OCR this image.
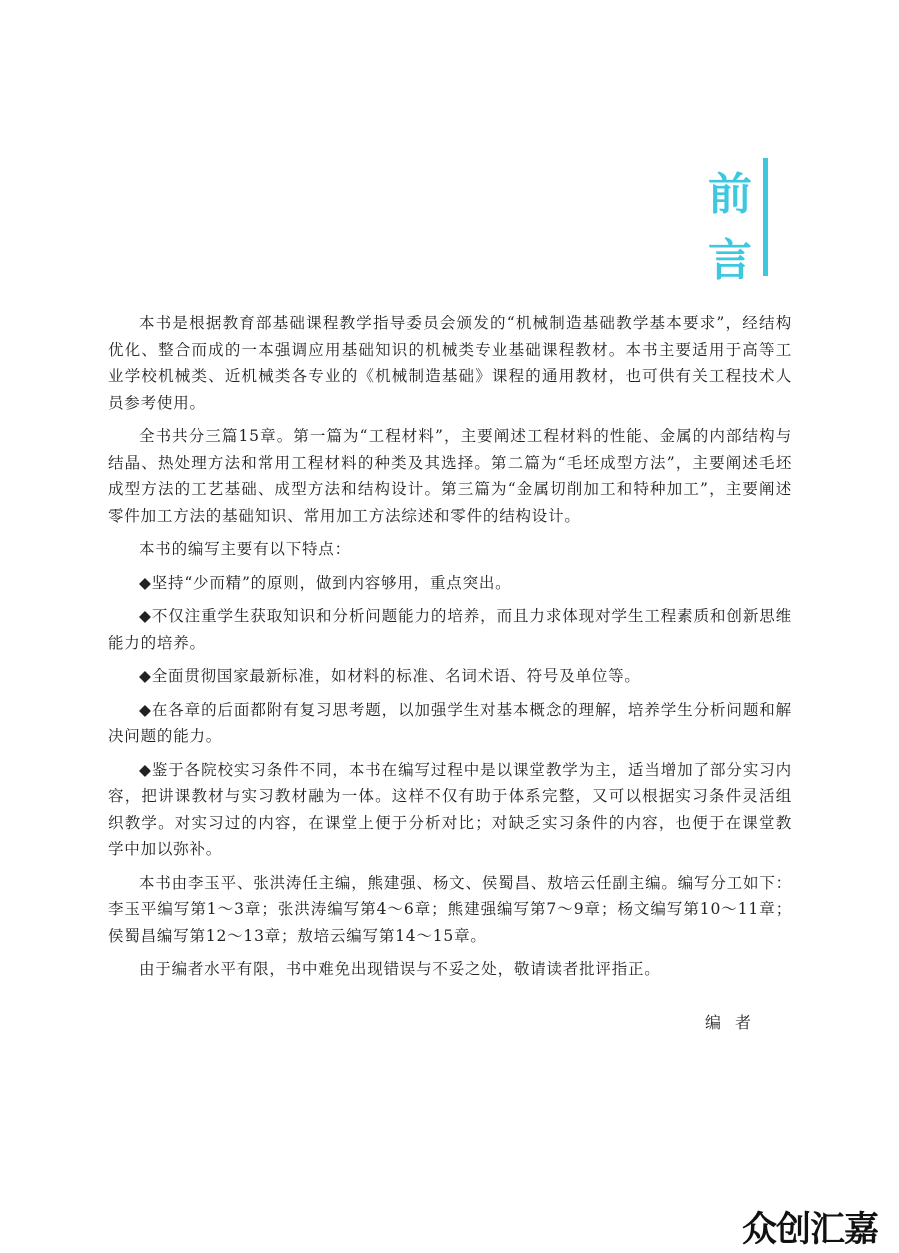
前
言

本书是根据教育部基础课程教学指导委员会颁发的“机械制造基础教学基本要求”，经结构优化、整合而成的一本强调应用基础知识的机械类专业基础课程教材。本书主要适用于高等工业学校机械类、近机械类各专业的《机械制造基础》课程的通用教材，也可供有关工程技术人员参考使用。

全书共分三篇15章。第一篇为“工程材料”，主要阐述工程材料的性能、金属的内部结构与结晶、热处理方法和常用工程材料的种类及其选择。第二篇为“毛坯成型方法”，主要阐述毛坯成型方法的工艺基础、成型方法和结构设计。第三篇为“金属切削加工和特种加工”，主要阐述零件加工方法的基础知识、常用加工方法综述和零件的结构设计。

本书的编写主要有以下特点：

◆坚持“少而精”的原则，做到内容够用，重点突出。

◆不仅注重学生获取知识和分析问题能力的培养，而且力求体现对学生工程素质和创新思维能力的培养。

◆全面贯彻国家最新标准，如材料的标准、名词术语、符号及单位等。

◆在各章的后面都附有复习思考题，以加强学生对基本概念的理解，培养学生分析问题和解决问题的能力。

◆鉴于各院校实习条件不同，本书在编写过程中是以课堂教学为主，适当增加了部分实习内容，把讲课教材与实习教材融为一体。这样不仅有助于体系完整，又可以根据实习条件灵活组织教学。对实习过的内容，在课堂上便于分析对比；对缺乏实习条件的内容，也便于在课堂教学中加以弥补。

本书由李玉平、张洪涛任主编，熊建强、杨文、侯蜀昌、敖培云任副主编。编写分工如下：李玉平编写第1～3章；张洪涛编写第4～6章；熊建强编写第7～9章；杨文编写第10～11章；侯蜀昌编写第12～13章；敖培云编写第14～15章。

由于编者水平有限，书中难免出现错误与不妥之处，敬请读者批评指正。

编者
众创汇嘉
